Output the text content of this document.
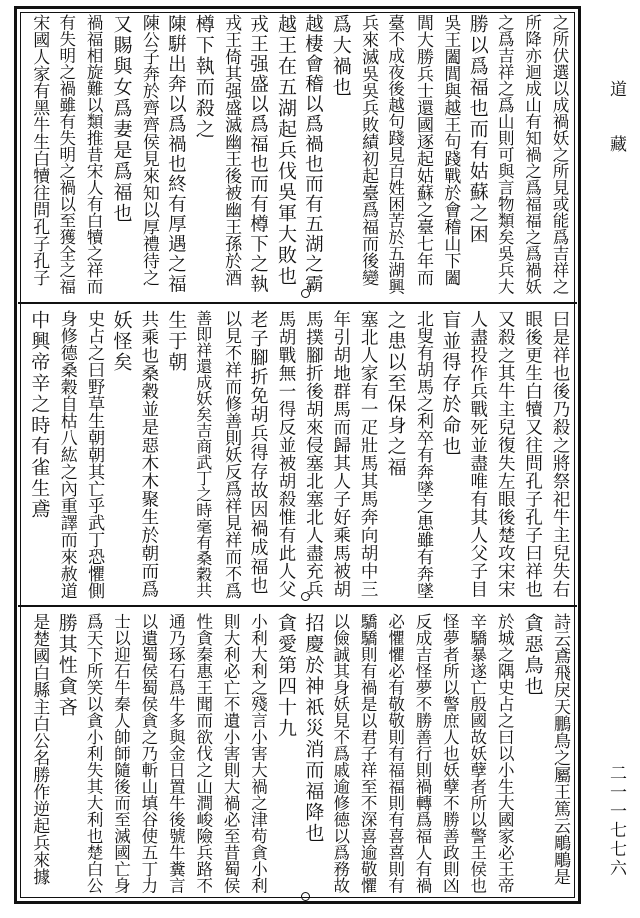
之所伏選以成禍妖之所見或能爲吉祥之
所降亦迴成山有知禍之爲福福之爲禍妖
之爲吉祥之爲山則可與言物類矣吳兵大
勝以爲福也而有姑蘇之困
吳王闔閭與越王句踐戰於會稽山下闔
閭大勝兵士還國逐起姑蘇之臺七年而
臺不成夜後越句踐見百姓困苦於五湖興
兵來滅吳吳兵敗績初起臺爲福而後變
爲大禍也
越棲會稽以爲禍也而有五湖之霸
越王在五湖起兵伐吳軍大敗也
戎王强盛以爲福也而有樽下之執
戎王倚其强盛滅幽王後被幽王孫於酒
樽下執而殺之
陳騈出奔以爲禍也終有厚遇之福
陳公子奔於齊齊侯見來知以厚禮待之
又賜與女爲妻是爲福也
禍福相旋難以類推昔宋人有白犢之祥而
有失明之禍雖有失明之禍以至獲全之福
宋國人家有黑牛生白犢往問孔子孔子
曰是祥也後乃殺之將祭祀牛主兒失右
眼後更生白犢又往問孔子孔子曰祥也
又殺之其牛主兒復失左眼後楚攻宋宋
人盡投作兵戰死並盡唯有其人父子目
盲並得存於命也
北叟有胡馬之利卒有奔墜之患雖有奔墜
之患以至保身之福
塞北人家有一疋壯馬其馬奔向胡中三
年引胡地群馬而歸其人子好乘馬被胡
馬撲腳折後胡來侵塞北塞北人盡充兵
馬胡戰無一得反並被胡殺惟有此人父
老子腳折免胡兵得存故因禍成福也
以見不祥而修善則妖反爲祥見祥而不爲
善即祥還成妖矣吉商武丁之時毫有桑穀共
生于朝
共乘也桑穀並是惡木木聚生於朝而爲
妖怪矣
史占之曰野草生朝朝其亡乎武丁恐懼側
身修德桑穀自枯八紘之內重譯而來赦道
中興帝辛之時有雀生鳶
詩云鳶飛戾天鵬鳥之屬王篤云鵰鵰是
貪惡鳥也
於城之隅史占之曰以小生大國家必王帝
辛驕暴遂亡殷國故妖孽者所以警王侯也
怪夢者所以警庶人也妖孽不勝善政則凶
反成吉怪夢不勝善行則禍轉爲福人有禍
必懼懼必有敬敬則有福福則有喜喜則有
驕驕則有禍是以君子祥至不深喜逾敬懼
以儉誠其身妖見不爲戚逾修德以爲務故
招慶於神祇災消而福降也
貪愛第四十九
小利大利之殘言小害大禍之津苟貪小利
則大利必亡不遺小害則大禍必至昔蜀侯
性貪秦惠王聞而欲伐之山澗峻險兵路不
通乃琢石爲牛多與金日置牛後號牛糞言
以遺蜀侯蜀侯貪之乃斬山填谷使五丁力
士以迎石牛秦人帥師隨後而至滅國亡身
爲天下所笑以貪小利失其大利也楚白公
勝其性貪吝
是楚國白縣主白公名勝作逆起兵來據
道
藏
二一一七七六
